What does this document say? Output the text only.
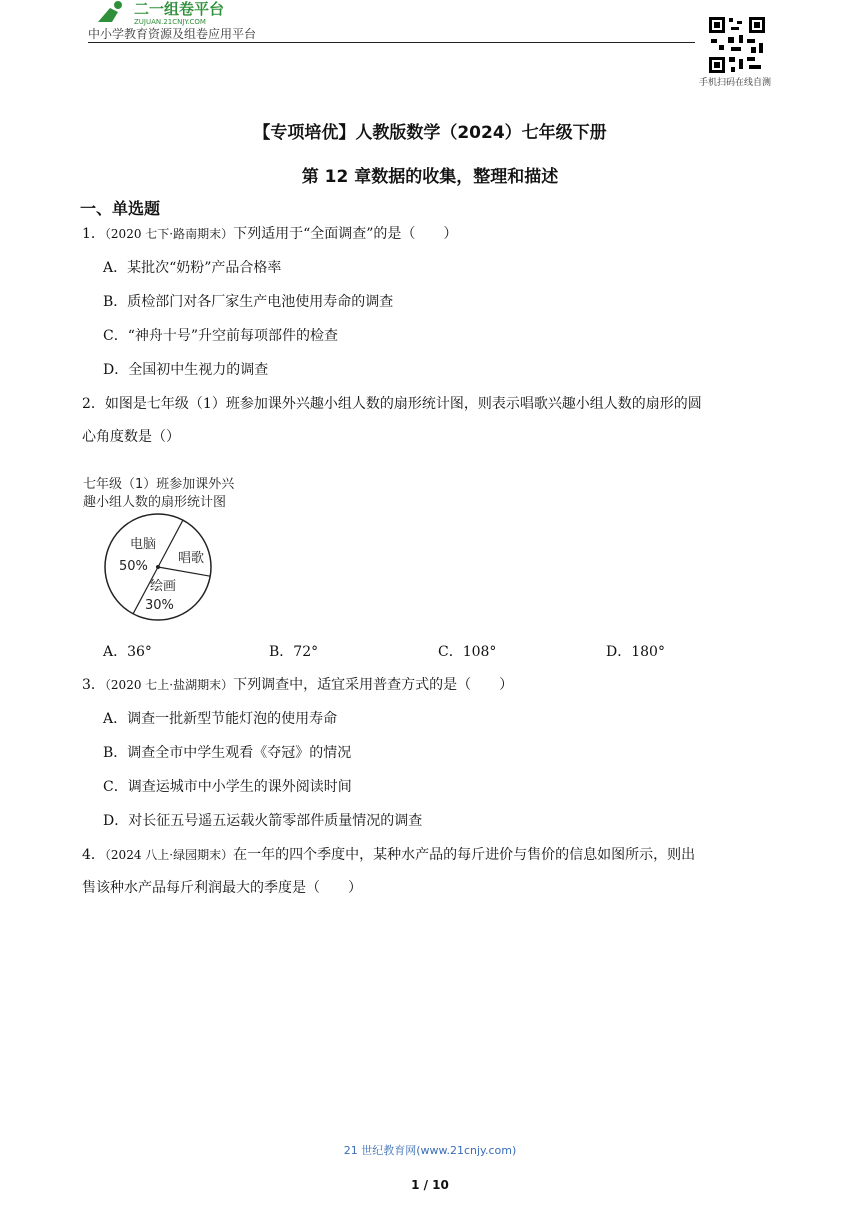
二一组卷平台
ZUJUAN.21CNJY.COM
中小学教育资源及组卷应用平台
手机扫码在线自测
【专项培优】人教版数学（2024）七年级下册
第 12 章数据的收集，整理和描述
一、单选题
1．（2020 七下·路南期末）下列适用于“全面调查”的是（　　）
A．某批次“奶粉”产品合格率
B．质检部门对各厂家生产电池使用寿命的调查
C．“神舟十号”升空前每项部件的检查
D．全国初中生视力的调查
2．如图是七年级（1）班参加课外兴趣小组人数的扇形统计图，则表示唱歌兴趣小组人数的扇形的圆
心角度数是（）
七年级（1）班参加课外兴
趣小组人数的扇形统计图
电脑
50%
唱歌
绘画
30%
A．36°	B．72°	C．108°	D．180°
3．（2020 七上·盐湖期末）下列调查中，适宜采用普查方式的是（　　）
A．调查一批新型节能灯泡的使用寿命
B．调查全市中学生观看《夺冠》的情况
C．调查运城市中小学生的课外阅读时间
D．对长征五号遥五运载火箭零部件质量情况的调查
4．（2024 八上·绿园期末）在一年的四个季度中，某种水产品的每斤进价与售价的信息如图所示，则出
售该种水产品每斤利润最大的季度是（　　）
21 世纪教育网(www.21cnjy.com)
1 / 10
